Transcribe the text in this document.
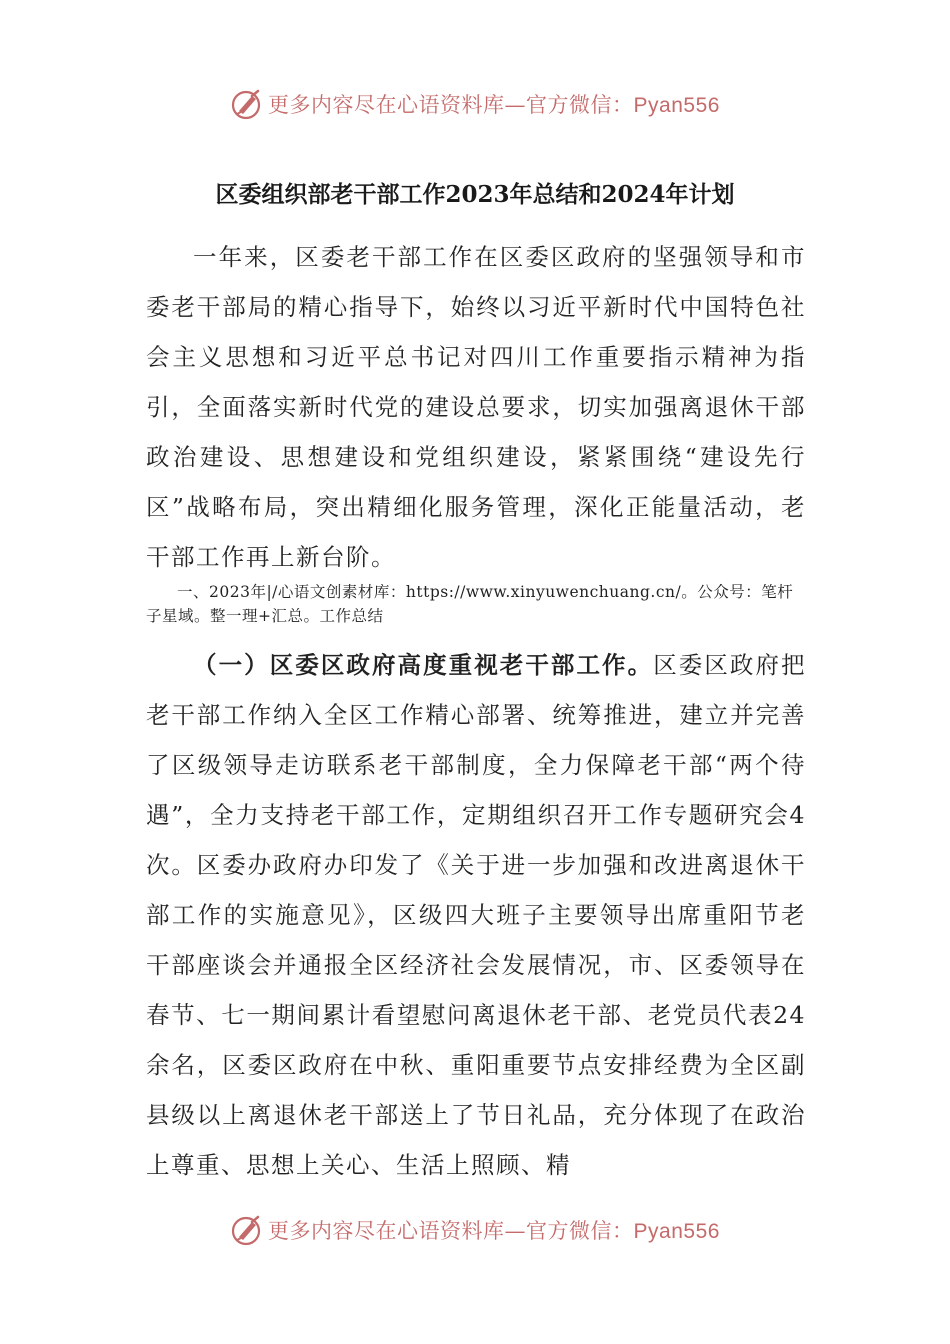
更多内容尽在心语资料库—官方微信：Pyan556
区委组织部老干部工作2023年总结和2024年计划
一年来，区委老干部工作在区委区政府的坚强领导和市委老干部局的精心指导下，始终以习近平新时代中国特色社会主义思想和习近平总书记对四川工作重要指示精神为指引，全面落实新时代党的建设总要求，切实加强离退休干部政治建设、思想建设和党组织建设，紧紧围绕“建设先行区”战略布局，突出精细化服务管理，深化正能量活动，老干部工作再上新台阶。
一、2023年|/心语文创素材库：https://www.xinyuwenchuang.cn/。公众号：笔杆子星域。整一理+汇总。工作总结
（一）区委区政府高度重视老干部工作。区委区政府把老干部工作纳入全区工作精心部署、统筹推进，建立并完善了区级领导走访联系老干部制度，全力保障老干部“两个待遇”，全力支持老干部工作，定期组织召开工作专题研究会4次。区委办政府办印发了《关于进一步加强和改进离退休干部工作的实施意见》，区级四大班子主要领导出席重阳节老干部座谈会并通报全区经济社会发展情况，市、区委领导在春节、七一期间累计看望慰问离退休老干部、老党员代表24余名，区委区政府在中秋、重阳重要节点安排经费为全区副县级以上离退休老干部送上了节日礼品，充分体现了在政治上尊重、思想上关心、生活上照顾、精
更多内容尽在心语资料库—官方微信：Pyan556
